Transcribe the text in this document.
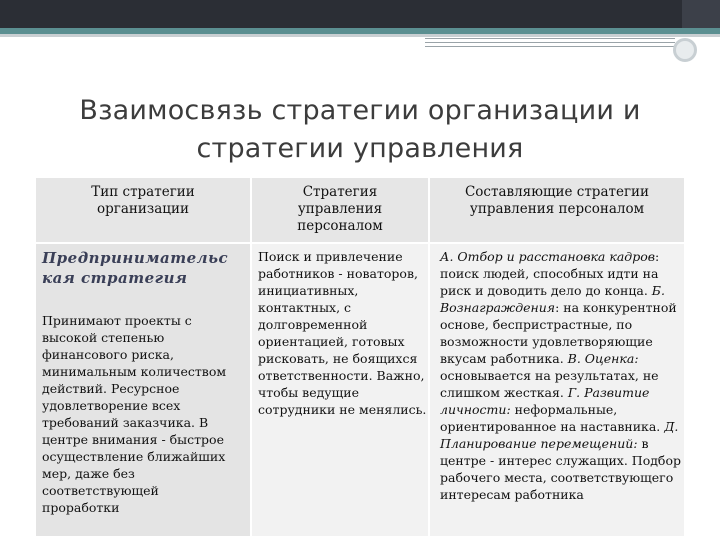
Взаимосвязь стратегии организации и
стратегии управления
Тип стратегии организации
Стратегия управления персоналом
Составляющие стратегии управления персоналом
Предпринимательс кая стратегия
Принимают проекты с высокой степенью финансового риска, минимальным количеством действий. Ресурсное удовлетворение всех требований заказчика. В центре внимания - быстрое осуществление ближайших мер, даже без соответствующей проработки
Поиск и привлечение работников - новаторов, инициативных, контактных, с долговременной ориентацией, готовых рисковать, не боящихся ответственности. Важно, чтобы ведущие сотрудники не менялись.
А. Отбор и расстановка кадров: поиск людей, способных идти на риск и доводить дело до конца. Б. Вознаграждения: на конкурентной основе, беспристрастные, по возможности удовлетворяющие вкусам работника. В. Оценка: основывается на результатах, не слишком жесткая. Г. Развитие личности: неформальные, ориентированное на наставника. Д. Планирование перемещений: в центре - интерес служащих. Подбор рабочего места, соответствующего интересам работника
